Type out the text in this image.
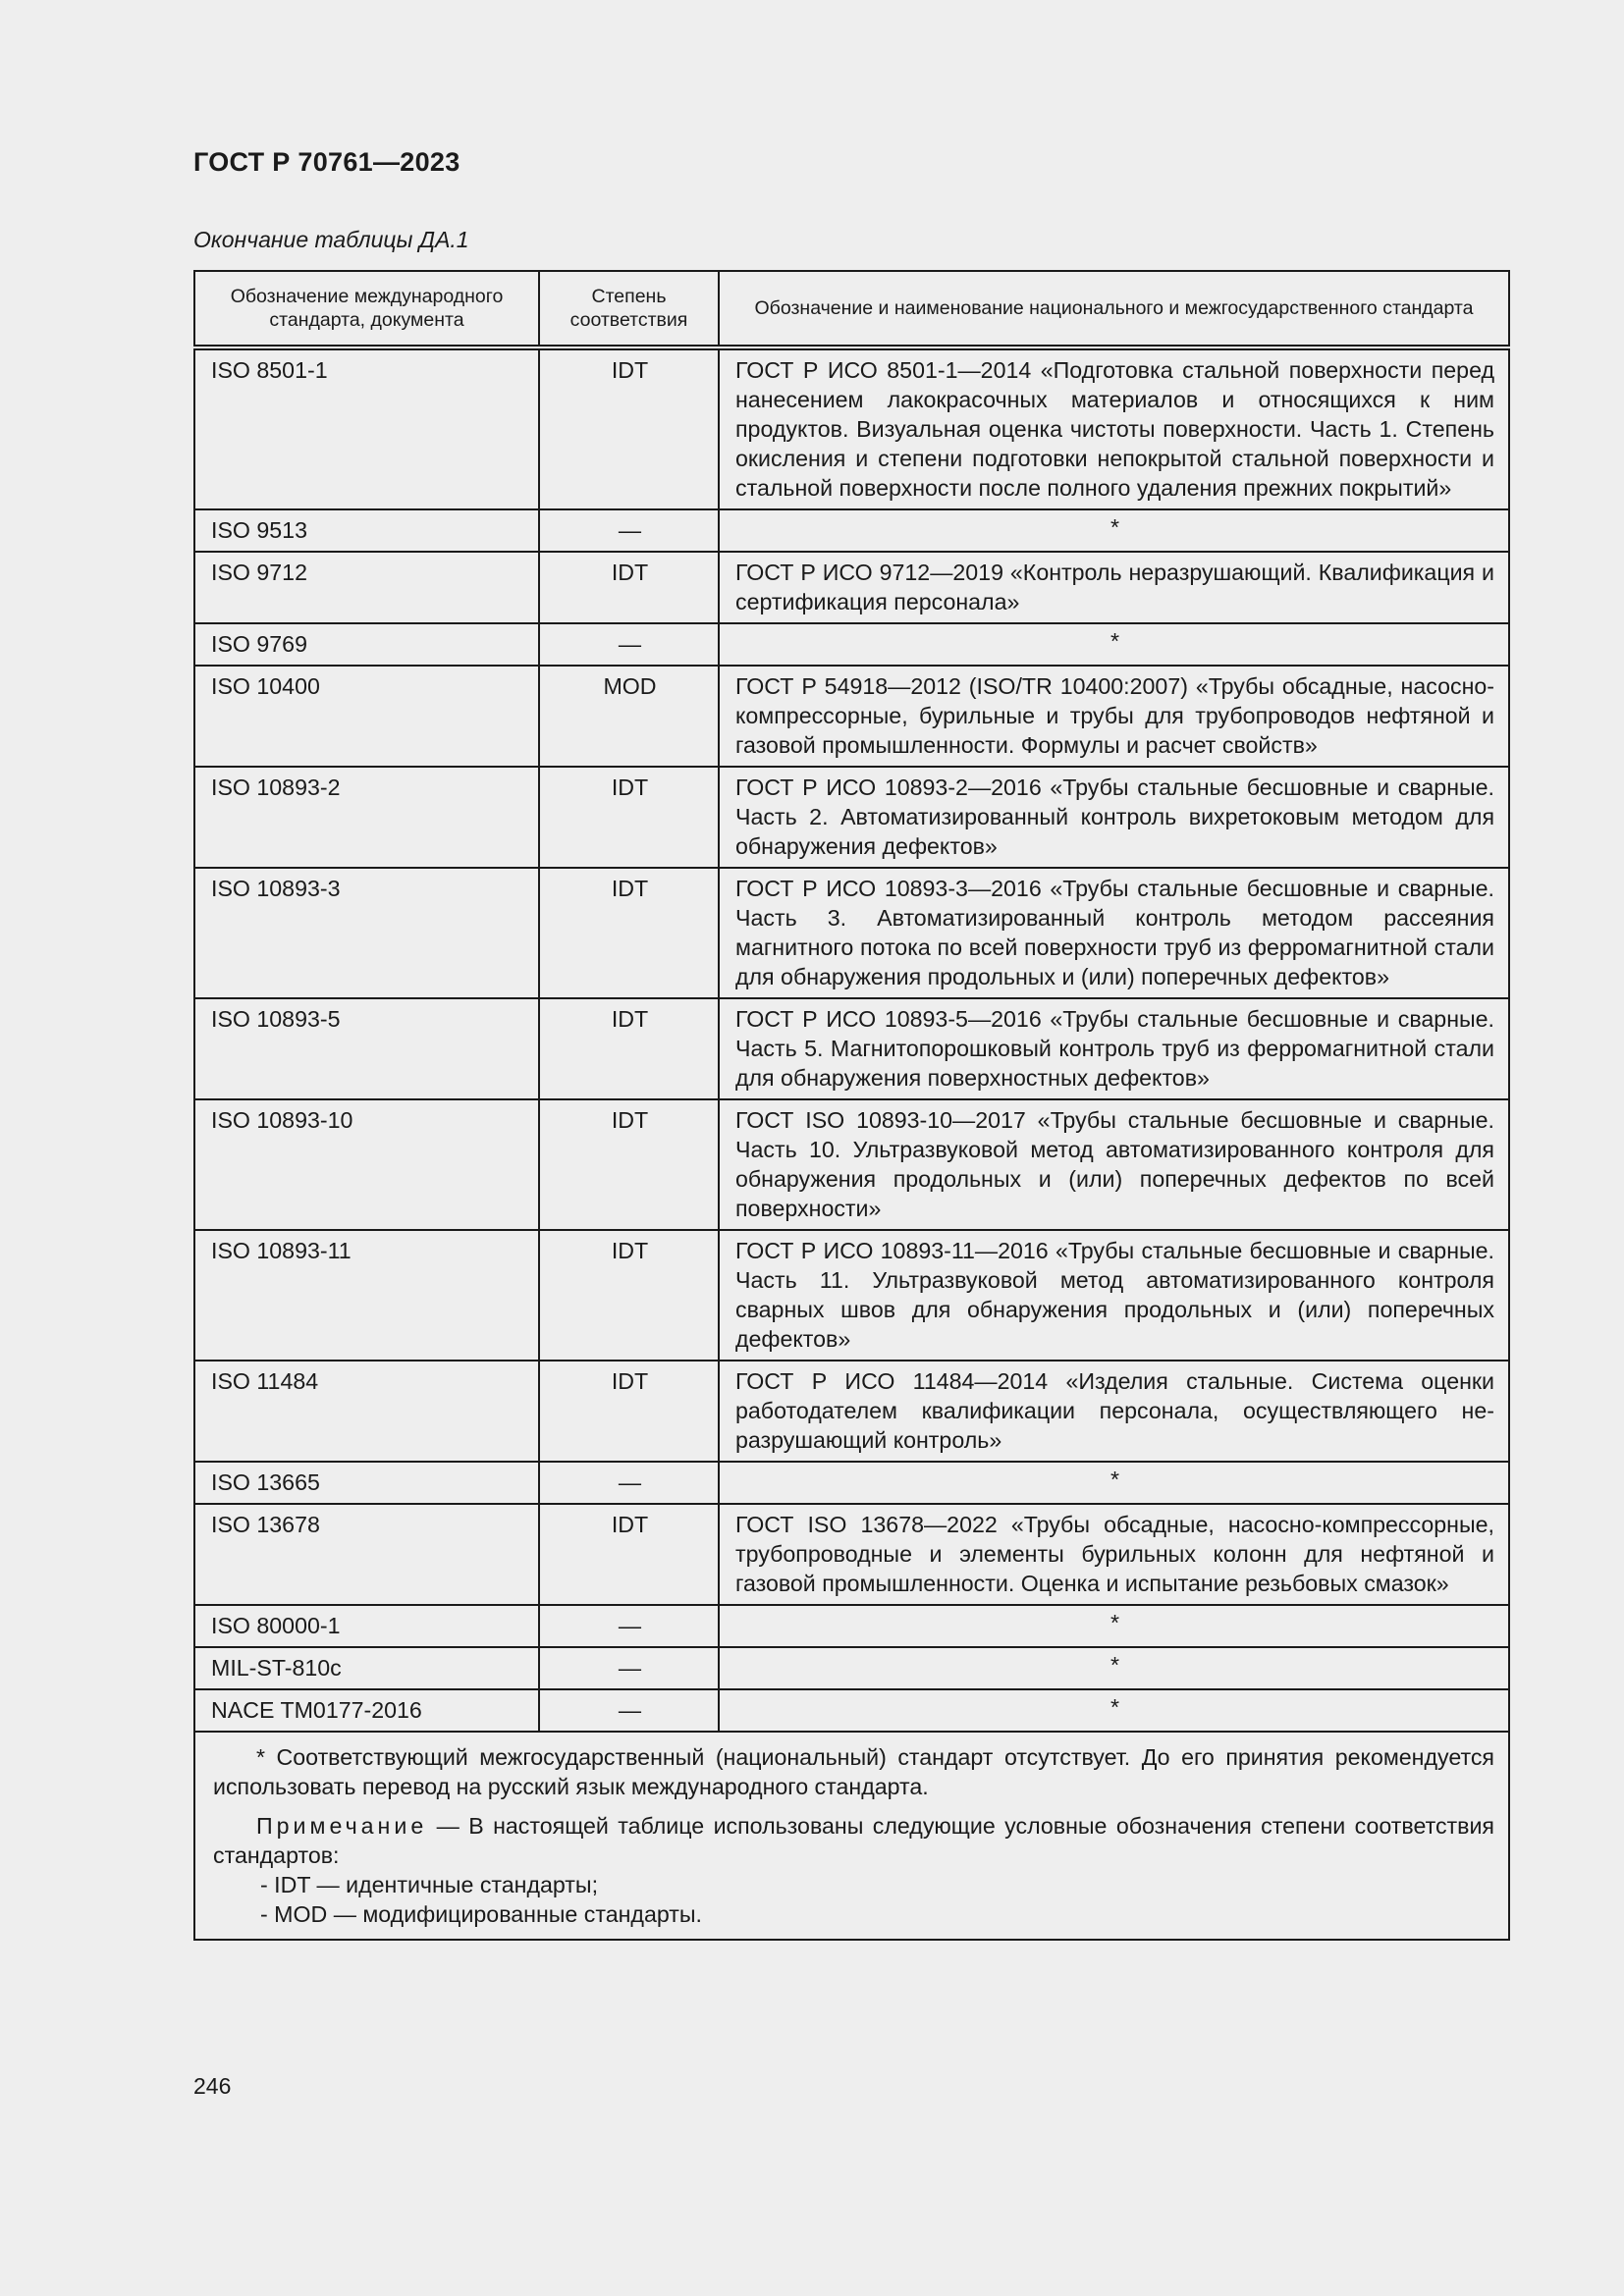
ГОСТ Р 70761—2023
Окончание таблицы ДА.1
Обозначение международного стандарта, документа	Степень соответствия	Обозначение и наименование национального и межгосударственного стандарта
ISO 8501-1	IDT	ГОСТ Р ИСО 8501-1—2014 «Подготовка стальной поверхности перед нанесением лакокрасочных материалов и относящихся к ним продуктов. Визуальная оценка чистоты поверхности. Часть 1. Степень окисления и степени подготовки непокрытой стальной поверхности и стальной поверхности после полного удаления прежних покрытий»
ISO 9513	—	*
ISO 9712	IDT	ГОСТ Р ИСО 9712—2019 «Контроль неразрушающий. Квалификация и сертификация персонала»
ISO 9769	—	*
ISO 10400	MOD	ГОСТ Р 54918—2012 (ISO/TR 10400:2007) «Трубы обсадные, насосно-компрессорные, бурильные и трубы для трубопроводов нефтяной и газовой промышленности. Формулы и расчет свойств»
ISO 10893-2	IDT	ГОСТ Р ИСО 10893-2—2016 «Трубы стальные бесшовные и сварные. Часть 2. Автоматизированный контроль вихретоковым методом для обнаружения дефектов»
ISO 10893-3	IDT	ГОСТ Р ИСО 10893-3—2016 «Трубы стальные бесшовные и сварные. Часть 3. Автоматизированный контроль методом рассеяния магнитного потока по всей поверхности труб из ферромагнитной стали для обнаружения продольных и (или) поперечных дефектов»
ISO 10893-5	IDT	ГОСТ Р ИСО 10893-5—2016 «Трубы стальные бесшовные и сварные. Часть 5. Магнитопорошковый контроль труб из ферромагнитной стали для обнаружения поверхностных дефектов»
ISO 10893-10	IDT	ГОСТ ISO 10893-10—2017 «Трубы стальные бесшовные и сварные. Часть 10. Ультразвуковой метод автоматизированного контроля для обнаружения продольных и (или) поперечных дефектов по всей поверхности»
ISO 10893-11	IDT	ГОСТ Р ИСО 10893-11—2016 «Трубы стальные бесшовные и сварные. Часть 11. Ультразвуковой метод автоматизированного контроля сварных швов для обнаружения продольных и (или) поперечных дефектов»
ISO 11484	IDT	ГОСТ Р ИСО 11484—2014 «Изделия стальные. Система оценки работодателем квалификации персонала, осуществляющего неразрушающий контроль»
ISO 13665	—	*
ISO 13678	IDT	ГОСТ ISO 13678—2022 «Трубы обсадные, насосно-компрессорные, трубопроводные и элементы бурильных колонн для нефтяной и газовой промышленности. Оценка и испытание резьбовых смазок»
ISO 80000-1	—	*
MIL-ST-810c	—	*
NACE TM0177-2016	—	*

* Соответствующий межгосударственный (национальный) стандарт отсутствует. До его принятия рекомендуется использовать перевод на русский язык международного стандарта.

Примечание — В настоящей таблице использованы следующие условные обозначения степени соответствия стандартов:

- IDT — идентичные стандарты;

- MOD — модифицированные стандарты.		

246
